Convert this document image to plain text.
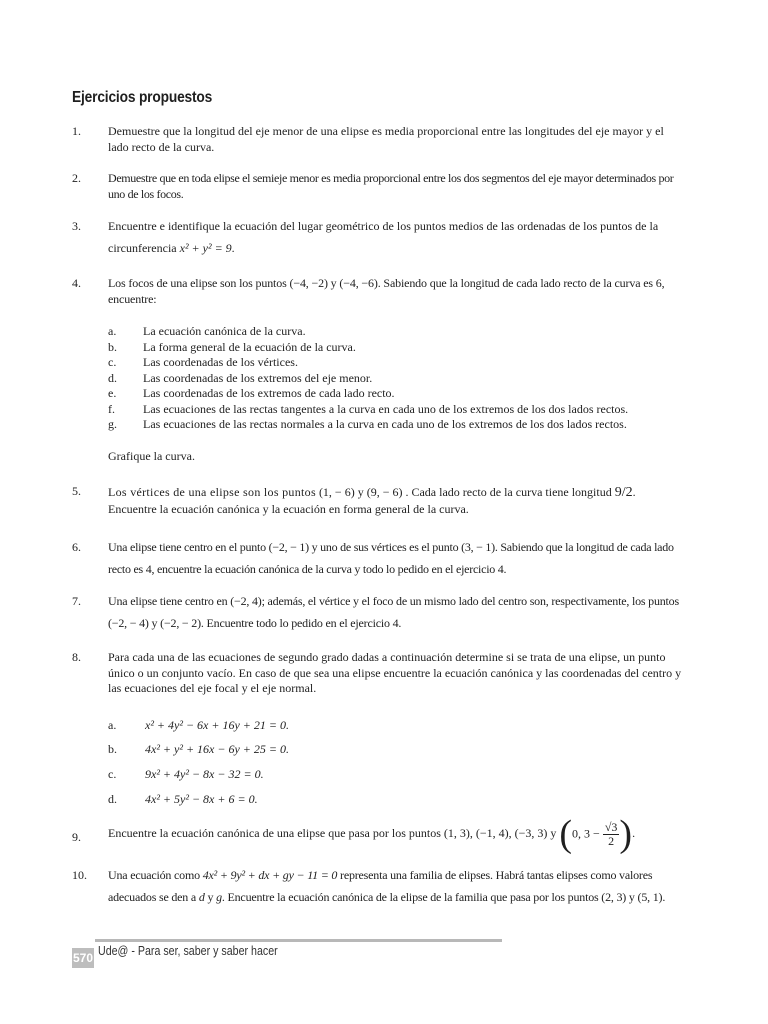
Ejercicios propuestos
1. Demuestre que la longitud del eje menor de una elipse es media proporcional entre las longitudes del eje mayor y el lado recto de la curva.
2. Demuestre que en toda elipse el semieje menor es media proporcional entre los dos segmentos del eje mayor determinados por uno de los focos.
3. Encuentre e identifique la ecuación del lugar geométrico de los puntos medios de las ordenadas de los puntos de la circunferencia x² + y² = 9.
4. Los focos de una elipse son los puntos (−4, −2) y (−4, −6). Sabiendo que la longitud de cada lado recto de la curva es 6, encuentre:
a. La ecuación canónica de la curva.
b. La forma general de la ecuación de la curva.
c. Las coordenadas de los vértices.
d. Las coordenadas de los extremos del eje menor.
e. Las coordenadas de los extremos de cada lado recto.
f. Las ecuaciones de las rectas tangentes a la curva en cada uno de los extremos de los dos lados rectos.
g. Las ecuaciones de las rectas normales a la curva en cada uno de los extremos de los dos lados rectos.
Grafique la curva.
5. Los vértices de una elipse son los puntos (1, − 6) y (9, − 6) . Cada lado recto de la curva tiene longitud 9/2. Encuentre la ecuación canónica y la ecuación en forma general de la curva.
6. Una elipse tiene centro en el punto (−2, − 1) y uno de sus vértices es el punto (3, − 1). Sabiendo que la longitud de cada lado recto es 4, encuentre la ecuación canónica de la curva y todo lo pedido en el ejercicio 4.
7. Una elipse tiene centro en (−2, 4); además, el vértice y el foco de un mismo lado del centro son, respectivamente, los puntos (−2, − 4) y (−2, − 2). Encuentre todo lo pedido en el ejercicio 4.
8. Para cada una de las ecuaciones de segundo grado dadas a continuación determine si se trata de una elipse, un punto único o un conjunto vacío. En caso de que sea una elipse encuentre la ecuación canónica y las coordenadas del centro y las ecuaciones del eje focal y el eje normal.
a. x² + 4y² − 6x + 16y + 21 = 0.
b. 4x² + y² + 16x − 6y + 25 = 0.
c. 9x² + 4y² − 8x − 32 = 0.
d. 4x² + 5y² − 8x + 6 = 0.
9. Encuentre la ecuación canónica de una elipse que pasa por los puntos (1, 3), (−1, 4), (−3, 3) y (0, $3 - \frac{√3}{2}$ ).
10. Una ecuación como 4x² + 9y² + dx + gy − 11 = 0 representa una familia de elipses. Habrá tantas elipses como valores adecuados se den a d y g. Encuentre la ecuación canónica de la elipse de la familia que pasa por los puntos (2, 3) y (5, 1).
570 Ude@ - Para ser, saber y saber hacer
